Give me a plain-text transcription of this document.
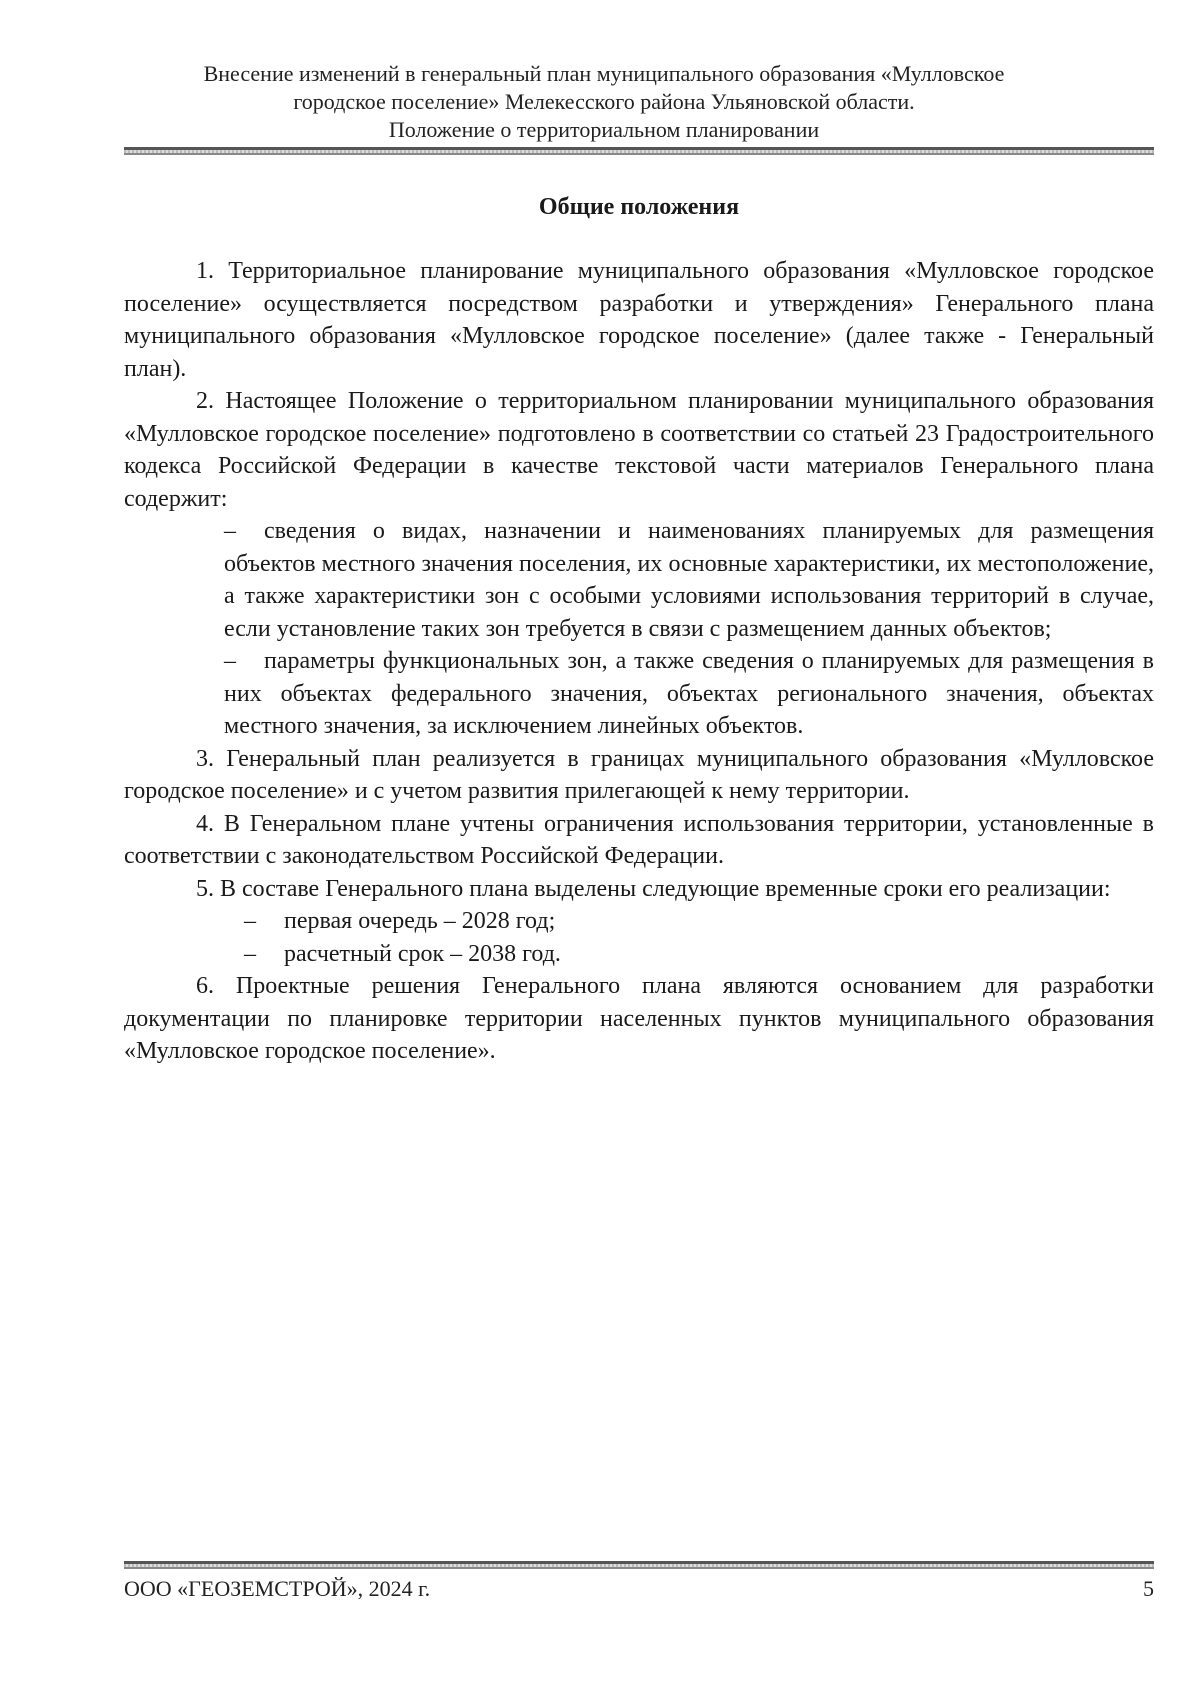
Внесение изменений в генеральный план муниципального образования «Мулловское
городское поселение» Мелекесского района Ульяновской области.
Положение о территориальном планировании
Общие положения

1. Территориальное планирование муниципального образования «Мулловское городское поселение» осуществляется посредством разработки и утверждения» Генерального плана муниципального образования «Мулловское городское поселение» (далее также - Генеральный план).

2. Настоящее Положение о территориальном планировании муниципального образования «Мулловское городское поселение» подготовлено в соответствии со статьей 23 Градостроительного кодекса Российской Федерации в качестве текстовой части материалов Генерального плана содержит:

– сведения о видах, назначении и наименованиях планируемых для размещения объектов местного значения поселения, их основные характеристики, их местоположение, а также характеристики зон с особыми условиями использования территорий в случае, если установление таких зон требуется в связи с размещением данных объектов;
– параметры функциональных зон, а также сведения о планируемых для размещения в них объектах федерального значения, объектах регионального значения, объектах местного значения, за исключением линейных объектов.

3. Генеральный план реализуется в границах муниципального образования «Мулловское городское поселение» и с учетом развития прилегающей к нему территории.

4. В Генеральном плане учтены ограничения использования территории, установленные в соответствии с законодательством Российской Федерации.

5. В составе Генерального плана выделены следующие временные сроки его реализации:

– первая очередь – 2028 год;
– расчетный срок – 2038 год.

6. Проектные решения Генерального плана являются основанием для разработки документации по планировке территории населенных пунктов муниципального образования «Мулловское городское поселение».

ООО «ГЕОЗЕМСТРОЙ», 2024 г.	5
